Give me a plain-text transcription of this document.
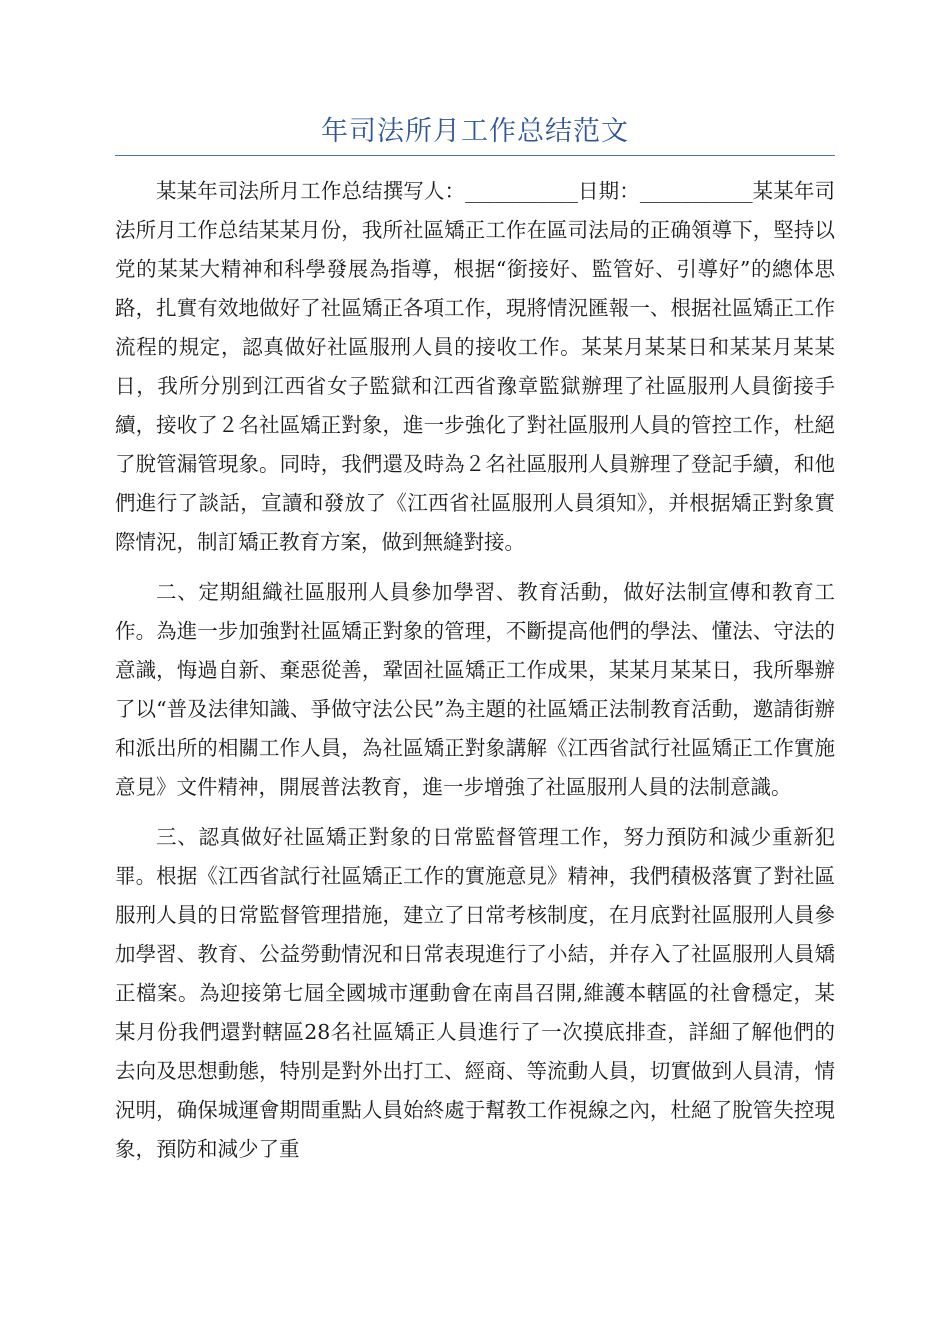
年司法所月工作总结范文

某某年司法所月工作总结撰写人：___________日期：___________某某年司法所月工作总结某某月份，我所社區矯正工作在區司法局的正确領導下，堅持以党的某某大精神和科學發展為指導，根据“銜接好、監管好、引導好”的總体思路，扎實有效地做好了社區矯正各項工作，現將情況匯報一、根据社區矯正工作流程的規定，認真做好社區服刑人員的接收工作。某某月某某日和某某月某某日，我所分別到江西省女子監獄和江西省豫章監獄辦理了社區服刑人員銜接手續，接收了２名社區矯正對象，進一步強化了對社區服刑人員的管控工作，杜絕了脫管漏管現象。同時，我們還及時為２名社區服刑人員辦理了登記手續，和他們進行了談話，宣讀和發放了《江西省社區服刑人員須知》，并根据矯正對象實際情況，制訂矯正教育方案，做到無縫對接。

二、定期組織社區服刑人員參加學習、教育活動，做好法制宣傳和教育工作。為進一步加強對社區矯正對象的管理，不斷提高他們的學法、懂法、守法的意識，悔過自新、棄惡從善，鞏固社區矯正工作成果，某某月某某日，我所舉辦了以“普及法律知識、爭做守法公民”為主題的社區矯正法制教育活動，邀請街辦和派出所的相關工作人員，為社區矯正對象講解《江西省試行社區矯正工作實施意見》文件精神，開展普法教育，進一步增強了社區服刑人員的法制意識。

三、認真做好社區矯正對象的日常監督管理工作，努力預防和減少重新犯罪。根据《江西省試行社區矯正工作的實施意見》精神，我們積极落實了對社區服刑人員的日常監督管理措施，建立了日常考核制度，在月底對社區服刑人員參加學習、教育、公益勞動情況和日常表現進行了小結，并存入了社區服刑人員矯正檔案。為迎接第七屆全國城市運動會在南昌召開,維護本轄區的社會穩定，某某月份我們還對轄區28名社區矯正人員進行了一次摸底排查，詳細了解他們的去向及思想動態，特別是對外出打工、經商、等流動人員，切實做到人員清，情況明，确保城運會期間重點人員始終處于幫教工作視線之內，杜絕了脫管失控現象，預防和減少了重
